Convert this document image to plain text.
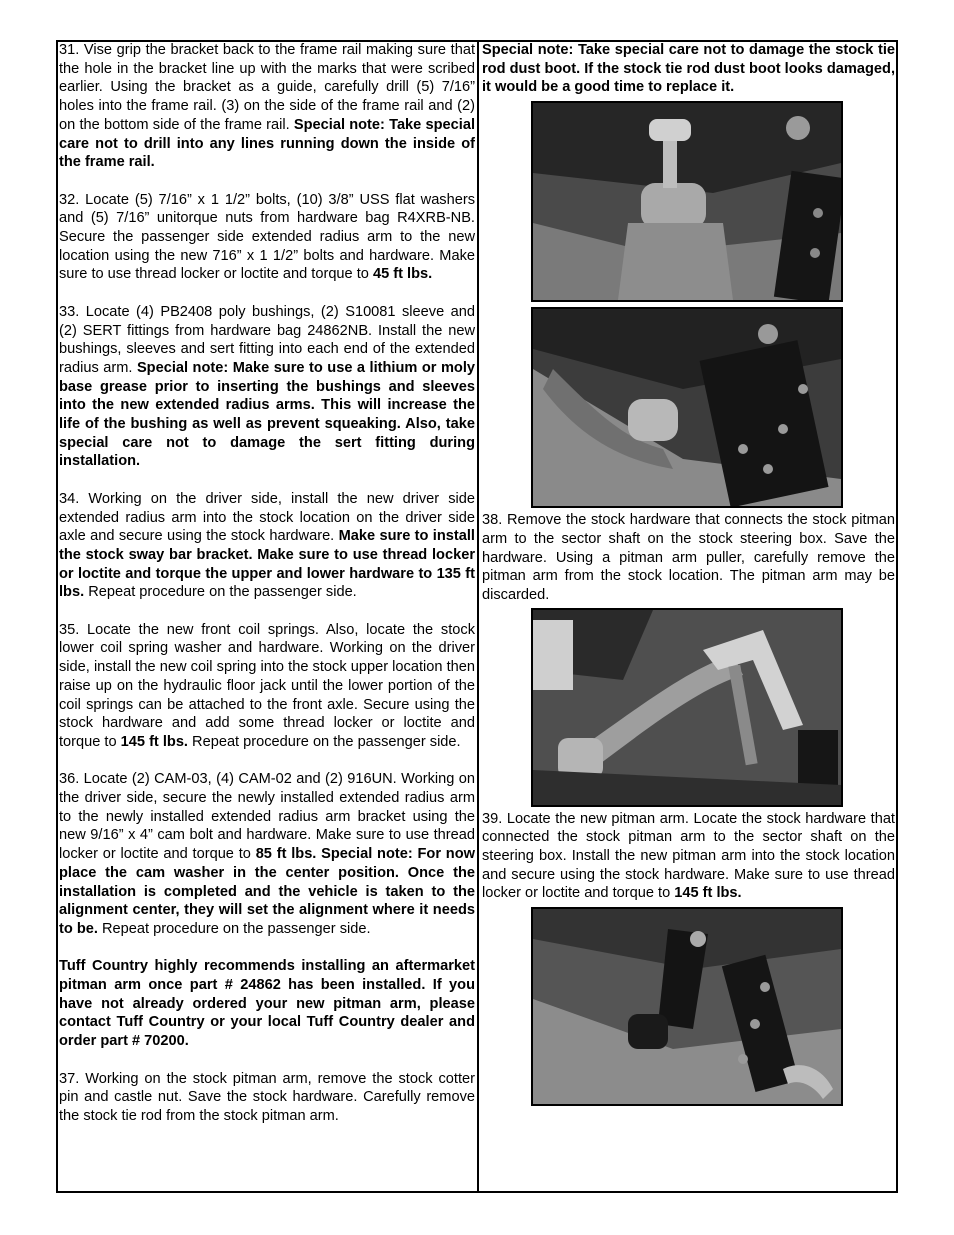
31. Vise grip the bracket back to the frame rail making sure that the hole in the bracket line up with the marks that were scribed earlier. Using the bracket as a guide, carefully drill (5) 7/16” holes into the frame rail. (3) on the side of the frame rail and (2) on the bottom side of the frame rail. Special note: Take special care not to drill into any lines running down the inside of the frame rail.

32. Locate (5) 7/16” x 1 1/2” bolts, (10) 3/8” USS flat washers and (5) 7/16” unitorque nuts from hardware bag R4XRB-NB. Secure the passenger side extended radius arm to the new location using the new 716” x 1 1/2” bolts and hardware. Make sure to use thread locker or loctite and torque to 45 ft lbs.

33. Locate (4) PB2408 poly bushings, (2) S10081 sleeve and (2) SERT fittings from hardware bag 24862NB. Install the new bushings, sleeves and sert fitting into each end of the extended radius arm. Special note: Make sure to use a lithium or moly base grease prior to inserting the bushings and sleeves into the new extended radius arms. This will increase the life of the bushing as well as prevent squeaking. Also, take special care not to damage the sert fitting during installation.

34. Working on the driver side, install the new driver side extended radius arm into the stock location on the driver side axle and secure using the stock hardware. Make sure to install the stock sway bar bracket. Make sure to use thread locker or loctite and torque the upper and lower hardware to 135 ft lbs. Repeat procedure on the passenger side.

35. Locate the new front coil springs. Also, locate the stock lower coil spring washer and hardware. Working on the driver side, install the new coil spring into the stock upper location then raise up on the hydraulic floor jack until the lower portion of the coil springs can be attached to the front axle. Secure using the stock hardware and add some thread locker or loctite and torque to 145 ft lbs. Repeat procedure on the passenger side.

36. Locate (2) CAM-03, (4) CAM-02 and (2) 916UN. Working on the driver side, secure the newly installed extended radius arm to the newly installed extended radius arm bracket using the new 9/16” x 4” cam bolt and hardware. Make sure to use thread locker or loctite and torque to 85 ft lbs. Special note: For now place the cam washer in the center position. Once the installation is completed and the vehicle is taken to the alignment center, they will set the alignment where it needs to be. Repeat procedure on the passenger side.

Tuff Country highly recommends installing an aftermarket pitman arm once part # 24862 has been installed. If you have not already ordered your new pitman arm, please contact Tuff Country or your local Tuff Country dealer and order part # 70200.

37. Working on the stock pitman arm, remove the stock cotter pin and castle nut. Save the stock hardware. Carefully remove the stock tie rod from the stock pitman arm.

Special note: Take special care not to damage the stock tie rod dust boot. If the stock tie rod dust boot looks damaged, it would be a good time to replace it.

38. Remove the stock hardware that connects the stock pitman arm to the sector shaft on the stock steering box. Save the hardware. Using a pitman arm puller, carefully remove the pitman arm from the stock location. The pitman arm may be discarded.

39. Locate the new pitman arm. Locate the stock hardware that connected the stock pitman arm to the sector shaft on the steering box. Install the new pitman arm into the stock location and secure using the stock hardware. Make sure to use thread locker or loctite and torque to 145 ft lbs.
